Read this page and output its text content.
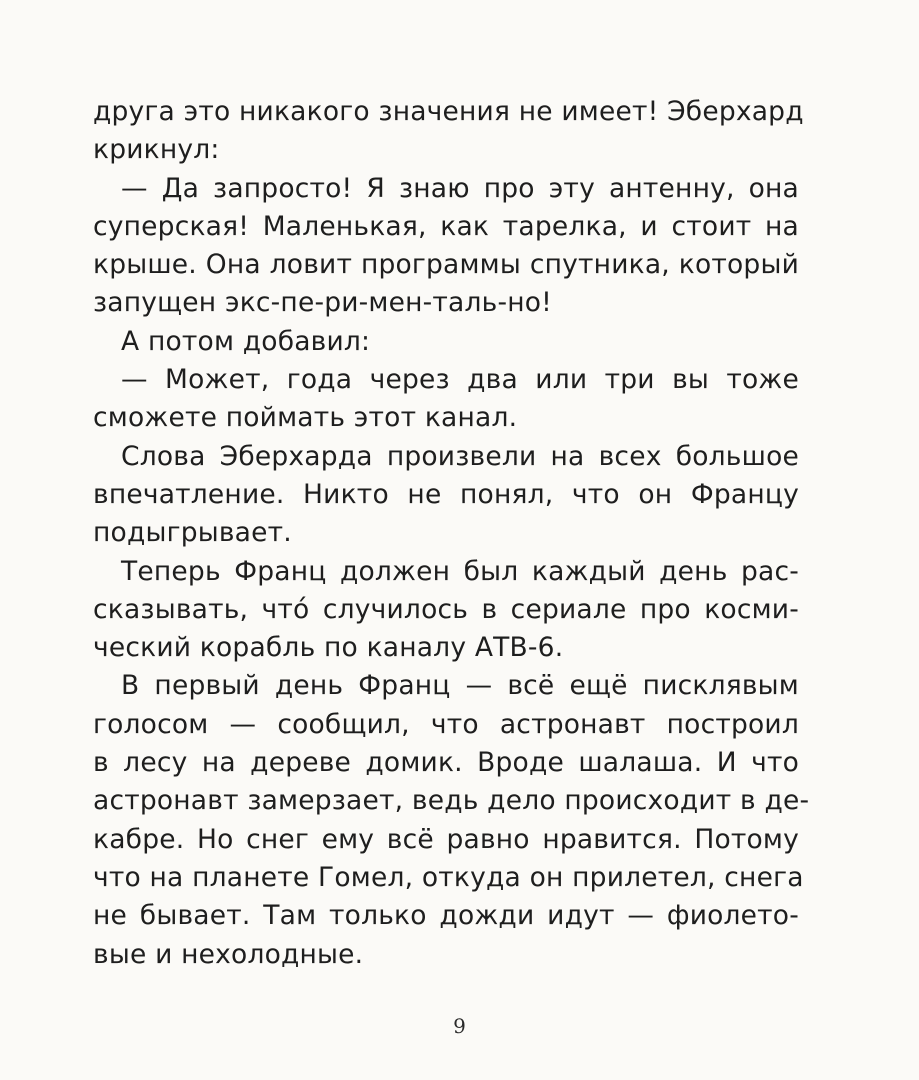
друга это никакого значения не имеет! Эберхард
крикнул:
— Да запросто! Я знаю про эту антенну, она
суперская! Маленькая, как тарелка, и стоит на
крыше. Она ловит программы спутника, который
запущен экс-пе-ри-мен-таль-но!
А потом добавил:
— Может, года через два или три вы тоже
сможете поймать этот канал.
Слова Эберхарда произвели на всех большое
впечатление. Никто не понял, что он Францу
подыгрывает.
Теперь Франц должен был каждый день рас-
сказывать, что́ случилось в сериале про косми-
ческий корабль по каналу АТВ-6.
В первый день Франц — всё ещё писклявым
голосом — сообщил, что астронавт построил
в лесу на дереве домик. Вроде шалаша. И что
астронавт замерзает, ведь дело происходит в де-
кабре. Но снег ему всё равно нравится. Потому
что на планете Гомел, откуда он прилетел, снега
не бывает. Там только дожди идут — фиолето-
вые и нехолодные.
9
